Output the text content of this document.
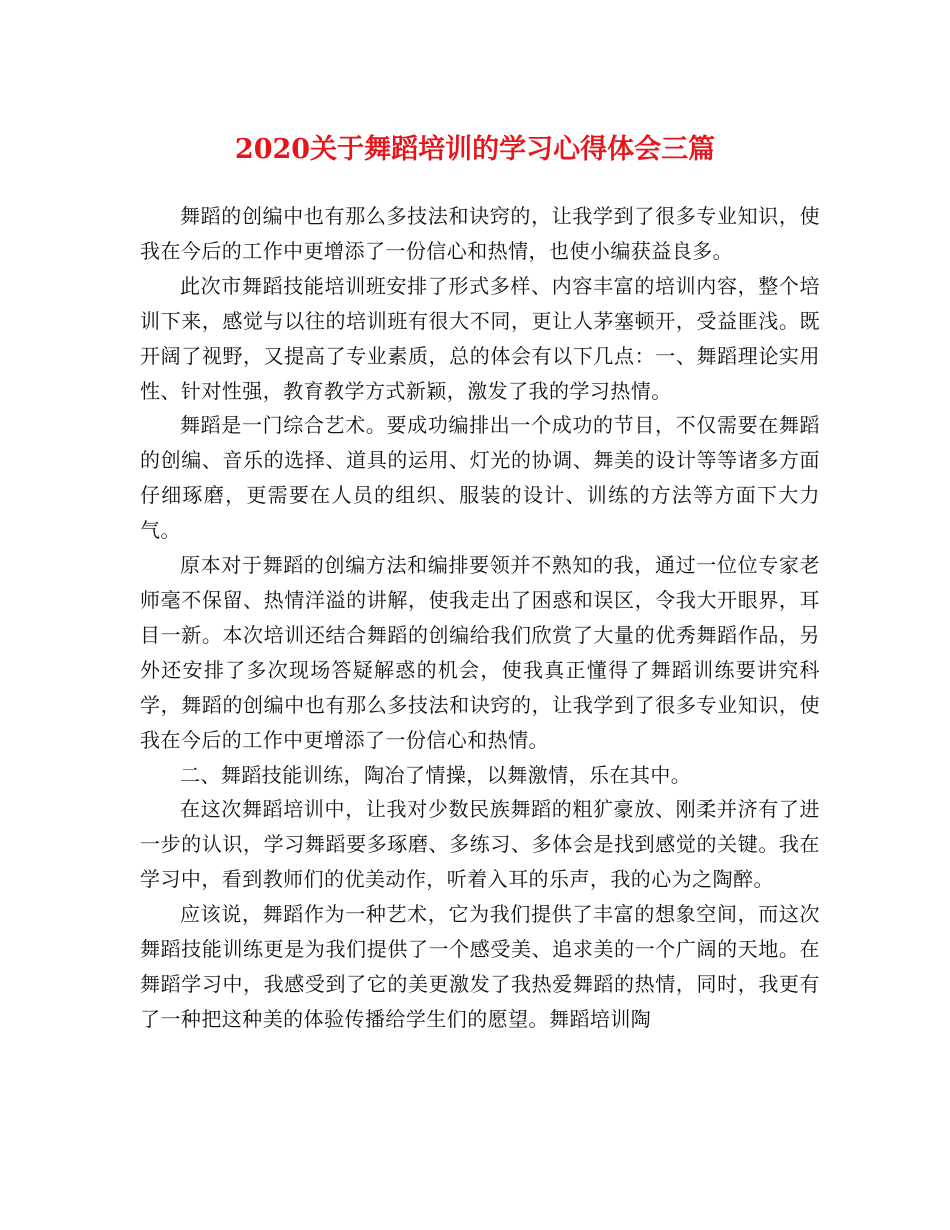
2020关于舞蹈培训的学习心得体会三篇

舞蹈的创编中也有那么多技法和诀窍的，让我学到了很多专业知识，使我在今后的工作中更增添了一份信心和热情，也使小编获益良多。

此次市舞蹈技能培训班安排了形式多样、内容丰富的培训内容，整个培训下来，感觉与以往的培训班有很大不同，更让人茅塞顿开，受益匪浅。既开阔了视野，又提高了专业素质，总的体会有以下几点：一、舞蹈理论实用性、针对性强，教育教学方式新颖，激发了我的学习热情。

舞蹈是一门综合艺术。要成功编排出一个成功的节目，不仅需要在舞蹈的创编、音乐的选择、道具的运用、灯光的协调、舞美的设计等等诸多方面仔细琢磨，更需要在人员的组织、服装的设计、训练的方法等方面下大力气。

原本对于舞蹈的创编方法和编排要领并不熟知的我，通过一位位专家老师毫不保留、热情洋溢的讲解，使我走出了困惑和误区，令我大开眼界，耳目一新。本次培训还结合舞蹈的创编给我们欣赏了大量的优秀舞蹈作品，另外还安排了多次现场答疑解惑的机会，使我真正懂得了舞蹈训练要讲究科学，舞蹈的创编中也有那么多技法和诀窍的，让我学到了很多专业知识，使我在今后的工作中更增添了一份信心和热情。

二、舞蹈技能训练，陶冶了情操，以舞激情，乐在其中。

在这次舞蹈培训中，让我对少数民族舞蹈的粗犷豪放、刚柔并济有了进一步的认识，学习舞蹈要多琢磨、多练习、多体会是找到感觉的关键。我在学习中，看到教师们的优美动作，听着入耳的乐声，我的心为之陶醉。

应该说，舞蹈作为一种艺术，它为我们提供了丰富的想象空间，而这次舞蹈技能训练更是为我们提供了一个感受美、追求美的一个广阔的天地。在舞蹈学习中，我感受到了它的美更激发了我热爱舞蹈的热情，同时，我更有了一种把这种美的体验传播给学生们的愿望。舞蹈培训陶
